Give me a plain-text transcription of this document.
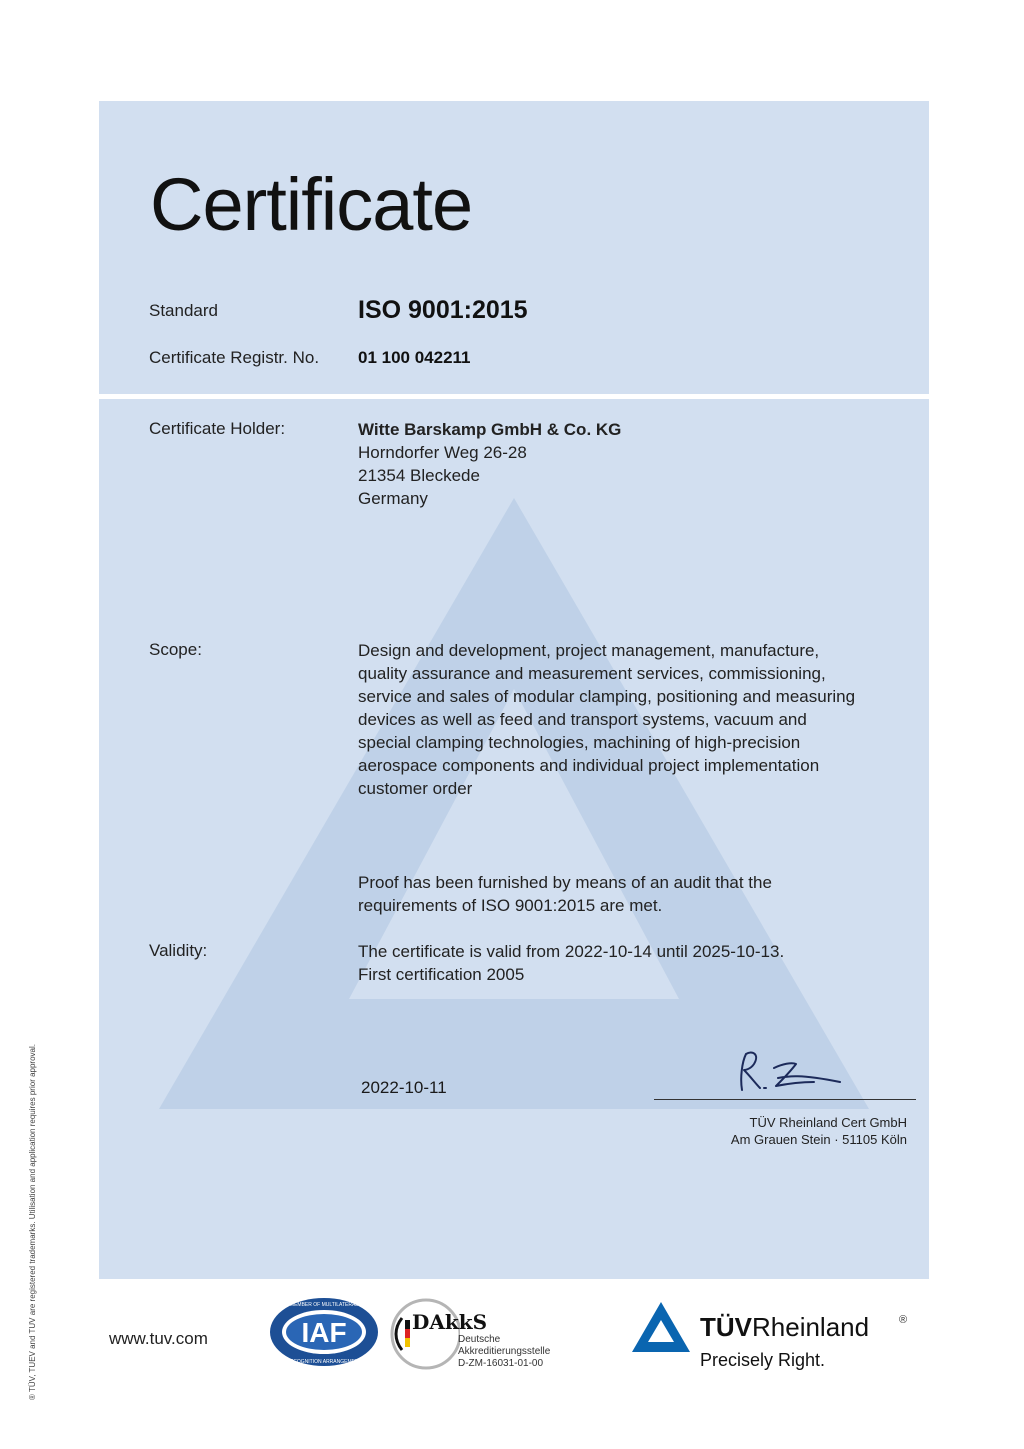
Certificate
Standard	ISO 9001:2015
Certificate Registr. No. 01 100 042211
Certificate Holder:	Witte Barskamp GmbH & Co. KG
Horndorfer Weg 26-28
21354 Bleckede
Germany
Scope:	Design and development, project management, manufacture,
quality assurance and measurement services, commissioning,
service and sales of modular clamping, positioning and measuring
devices as well as feed and transport systems, vacuum and
special clamping technologies, machining of high-precision
aerospace components and individual project implementation
customer order
Proof has been furnished by means of an audit that the
requirements of ISO 9001:2015 are met.
Validity:	The certificate is valid from 2022-10-14 until 2025-10-13.
First certification 2005
2022-10-11
TÜV Rheinland Cert GmbH
Am Grauen Stein · 51105 Köln
® TÜV, TUEV and TUV are registered trademarks. Utilisation and application requires prior approval.	www.tuv.com	IAF
MEMBER OF MULTILATERAL
RECOGNITION ARRANGEMENT
DAkkS
Deutsche
Akkreditierungsstelle
D-ZM-16031-01-00
TÜVRheinland	®
Precisely Right.
